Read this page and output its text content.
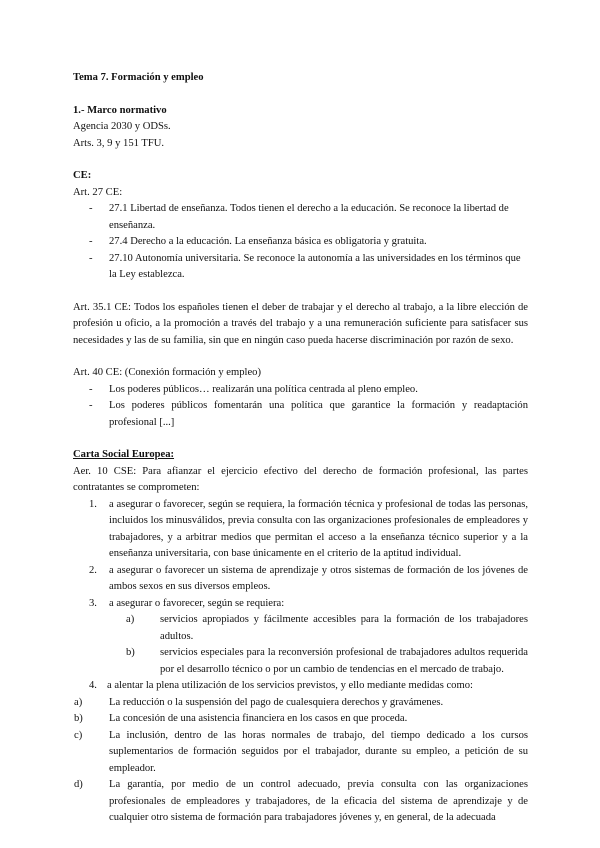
Tema 7. Formación y empleo

1.- Marco normativo

Agencia 2030 y ODSs.

Arts. 3, 9 y 151 TFU.

CE:

Art. 27 CE:

- 27.1 Libertad de enseñanza. Todos tienen el derecho a la educación. Se reconoce la libertad de enseñanza.
- 27.4 Derecho a la educación. La enseñanza básica es obligatoria y gratuita.
- 27.10 Autonomía universitaria. Se reconoce la autonomía a las universidades en los términos que la Ley establezca.

Art. 35.1 CE: Todos los españoles tienen el deber de trabajar y el derecho al trabajo, a la libre elección de profesión u oficio, a la promoción a través del trabajo y a una remuneración suficiente para satisfacer sus necesidades y las de su familia, sin que en ningún caso pueda hacerse discriminación por razón de sexo.

Art. 40 CE: (Conexión formación y empleo)

- Los poderes públicos… realizarán una política centrada al pleno empleo.
- Los poderes públicos fomentarán una política que garantice la formación y readaptación profesional [...]

Carta Social Europea:

Aer. 10 CSE: Para afianzar el ejercicio efectivo del derecho de formación profesional, las partes contratantes se comprometen:

1. a asegurar o favorecer, según se requiera, la formación técnica y profesional de todas las personas, incluidos los minusválidos, previa consulta con las organizaciones profesionales de empleadores y trabajadores, y a arbitrar medios que permitan el acceso a la enseñanza técnico superior y a la enseñanza universitaria, con base únicamente en el criterio de la aptitud individual.
2. a asegurar o favorecer un sistema de aprendizaje y otros sistemas de formación de los jóvenes de ambos sexos en sus diversos empleos.
3. a asegurar o favorecer, según se requiera:
a) servicios apropiados y fácilmente accesibles para la formación de los trabajadores adultos.
b) servicios especiales para la reconversión profesional de trabajadores adultos requerida por el desarrollo técnico o por un cambio de tendencias en el mercado de trabajo.
4. a alentar la plena utilización de los servicios previstos, y ello mediante medidas como:
a)	La reducción o la suspensión del pago de cualesquiera derechos y gravámenes.
b) La concesión de una asistencia financiera en los casos en que proceda.
c)	La inclusión, dentro de las horas normales de trabajo, del tiempo dedicado a los cursos suplementarios de formación seguidos por el trabajador, durante su empleo, a petición de su empleador.
d) La garantía, por medio de un control adecuado, previa consulta con las organizaciones profesionales de empleadores y trabajadores, de la eficacia del sistema de aprendizaje y de cualquier otro sistema de formación para trabajadores jóvenes y, en general, de la adecuada
